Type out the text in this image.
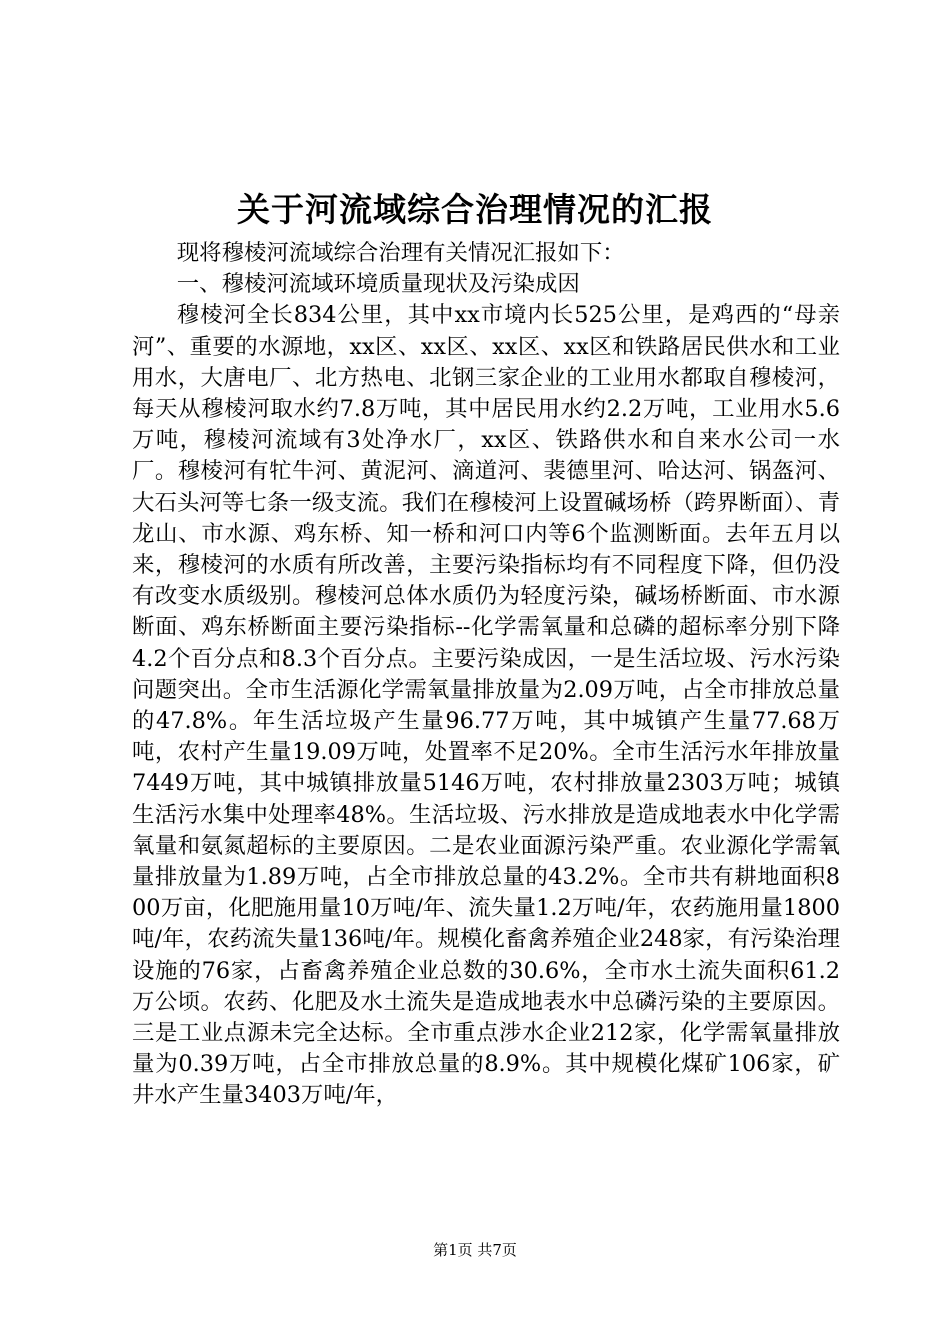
关于河流域综合治理情况的汇报

现将穆棱河流域综合治理有关情况汇报如下：

一、穆棱河流域环境质量现状及污染成因

穆棱河全长834公里，其中xx市境内长525公里，是鸡西的“母亲河”、重要的水源地，xx区、xx区、xx区、xx区和铁路居民供水和工业用水，大唐电厂、北方热电、北钢三家企业的工业用水都取自穆棱河，每天从穆棱河取水约7.8万吨，其中居民用水约2.2万吨，工业用水5.6万吨，穆棱河流域有3处净水厂，xx区、铁路供水和自来水公司一水厂。穆棱河有牤牛河、黄泥河、滴道河、裴德里河、哈达河、锅盔河、大石头河等七条一级支流。我们在穆棱河上设置碱场桥（跨界断面）、青龙山、市水源、鸡东桥、知一桥和河口内等6个监测断面。去年五月以来，穆棱河的水质有所改善，主要污染指标均有不同程度下降，但仍没有改变水质级别。穆棱河总体水质仍为轻度污染，碱场桥断面、市水源断面、鸡东桥断面主要污染指标--化学需氧量和总磷的超标率分别下降4.2个百分点和8.3个百分点。主要污染成因，一是生活垃圾、污水污染问题突出。全市生活源化学需氧量排放量为2.09万吨，占全市排放总量的47.8%。年生活垃圾产生量96.77万吨，其中城镇产生量77.68万吨，农村产生量19.09万吨，处置率不足20%。全市生活污水年排放量7449万吨，其中城镇排放量5146万吨，农村排放量2303万吨；城镇生活污水集中处理率48%。生活垃圾、污水排放是造成地表水中化学需氧量和氨氮超标的主要原因。二是农业面源污染严重。农业源化学需氧量排放量为1.89万吨，占全市排放总量的43.2%。全市共有耕地面积800万亩，化肥施用量10万吨/年、流失量1.2万吨/年，农药施用量1800吨/年，农药流失量136吨/年。规模化畜禽养殖企业248家，有污染治理设施的76家，占畜禽养殖企业总数的30.6%，全市水土流失面积61.2万公顷。农药、化肥及水土流失是造成地表水中总磷污染的主要原因。三是工业点源未完全达标。全市重点涉水企业212家，化学需氧量排放量为0.39万吨，占全市排放总量的8.9%。其中规模化煤矿106家，矿井水产生量3403万吨/年，

第1页 共7页
